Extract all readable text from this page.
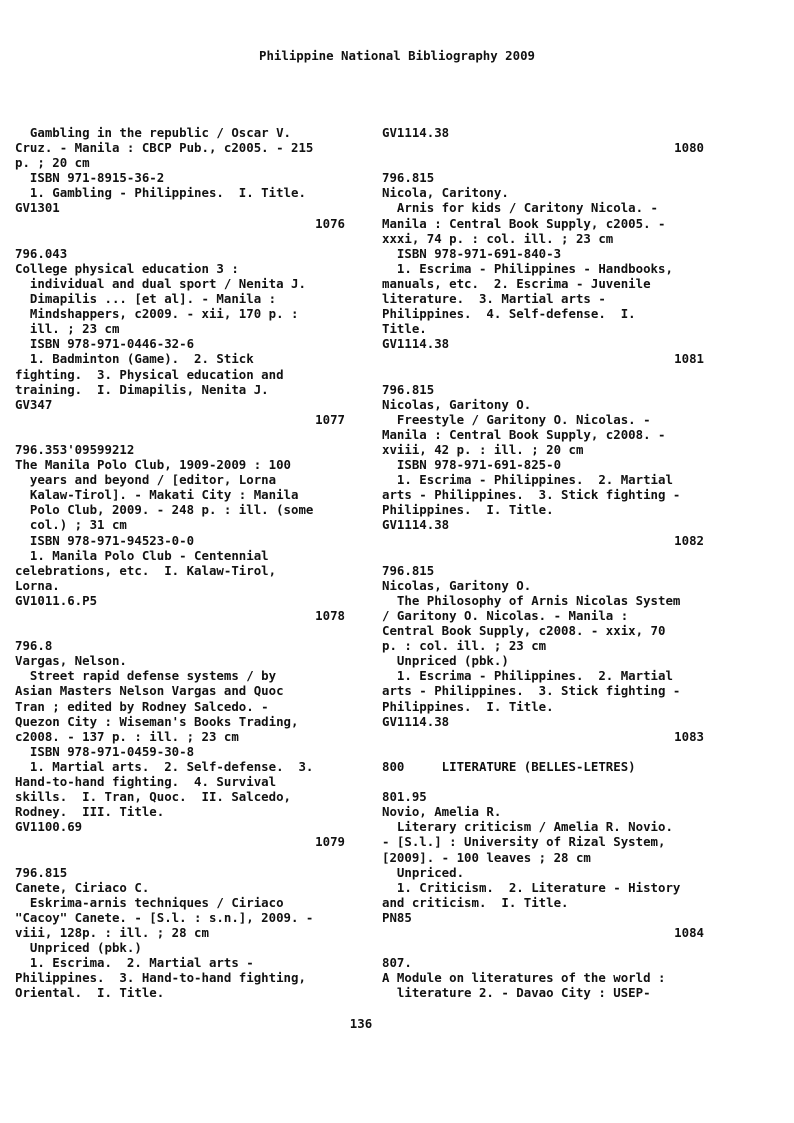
Philippine National Bibliography 2009
Gambling in the republic / Oscar V.
Cruz. - Manila : CBCP Pub., c2005. - 215
p. ; 20 cm
ISBN 971-8915-36-2
1. Gambling - Philippines.  I. Title.
GV1301
1076
796.043
College physical education 3 :
individual and dual sport / Nenita J.
Dimapilis ... [et al]. - Manila :
Mindshappers, c2009. - xii, 170 p. :
ill. ; 23 cm
ISBN 978-971-0446-32-6
1. Badminton (Game).  2. Stick
fighting.  3. Physical education and
training.  I. Dimapilis, Nenita J.
GV347
1077
796.353'09599212
The Manila Polo Club, 1909-2009 : 100
years and beyond / [editor, Lorna
Kalaw-Tirol]. - Makati City : Manila
Polo Club, 2009. - 248 p. : ill. (some
col.) ; 31 cm
ISBN 978-971-94523-0-0
1. Manila Polo Club - Centennial
celebrations, etc.  I. Kalaw-Tirol,
Lorna.
GV1011.6.P5
1078
796.8
Vargas, Nelson.
Street rapid defense systems / by
Asian Masters Nelson Vargas and Quoc
Tran ; edited by Rodney Salcedo. -
Quezon City : Wiseman's Books Trading,
c2008. - 137 p. : ill. ; 23 cm
ISBN 978-971-0459-30-8
1. Martial arts.  2. Self-defense.  3.
Hand-to-hand fighting.  4. Survival
skills.  I. Tran, Quoc.  II. Salcedo,
Rodney.  III. Title.
GV1100.69
1079
796.815
Canete, Ciriaco C.
Eskrima-arnis techniques / Ciriaco
"Cacoy" Canete. - [S.l. : s.n.], 2009. -
viii, 128p. : ill. ; 28 cm
Unpriced (pbk.)
1. Escrima.  2. Martial arts -
Philippines.  3. Hand-to-hand fighting,
Oriental.  I. Title.
GV1114.38
1080
796.815
Nicola, Caritony.
Arnis for kids / Caritony Nicola. -
Manila : Central Book Supply, c2005. -
xxxi, 74 p. : col. ill. ; 23 cm
ISBN 978-971-691-840-3
1. Escrima - Philippines - Handbooks,
manuals, etc.  2. Escrima - Juvenile
literature.  3. Martial arts -
Philippines.  4. Self-defense.  I.
Title.
GV1114.38
1081
796.815
Nicolas, Garitony O.
Freestyle / Garitony O. Nicolas. -
Manila : Central Book Supply, c2008. -
xviii, 42 p. : ill. ; 20 cm
ISBN 978-971-691-825-0
1. Escrima - Philippines.  2. Martial
arts - Philippines.  3. Stick fighting -
Philippines.  I. Title.
GV1114.38
1082
796.815
Nicolas, Garitony O.
The Philosophy of Arnis Nicolas System
/ Garitony O. Nicolas. - Manila :
Central Book Supply, c2008. - xxix, 70
p. : col. ill. ; 23 cm
Unpriced (pbk.)
1. Escrima - Philippines.  2. Martial
arts - Philippines.  3. Stick fighting -
Philippines.  I. Title.
GV1114.38
1083
800     LITERATURE (BELLES-LETRES)
801.95
Novio, Amelia R.
Literary criticism / Amelia R. Novio.
- [S.l.] : University of Rizal System,
[2009]. - 100 leaves ; 28 cm
Unpriced.
1. Criticism.  2. Literature - History
and criticism.  I. Title.
PN85
1084
807.
A Module on literatures of the world :
literature 2. - Davao City : USEP-
136
